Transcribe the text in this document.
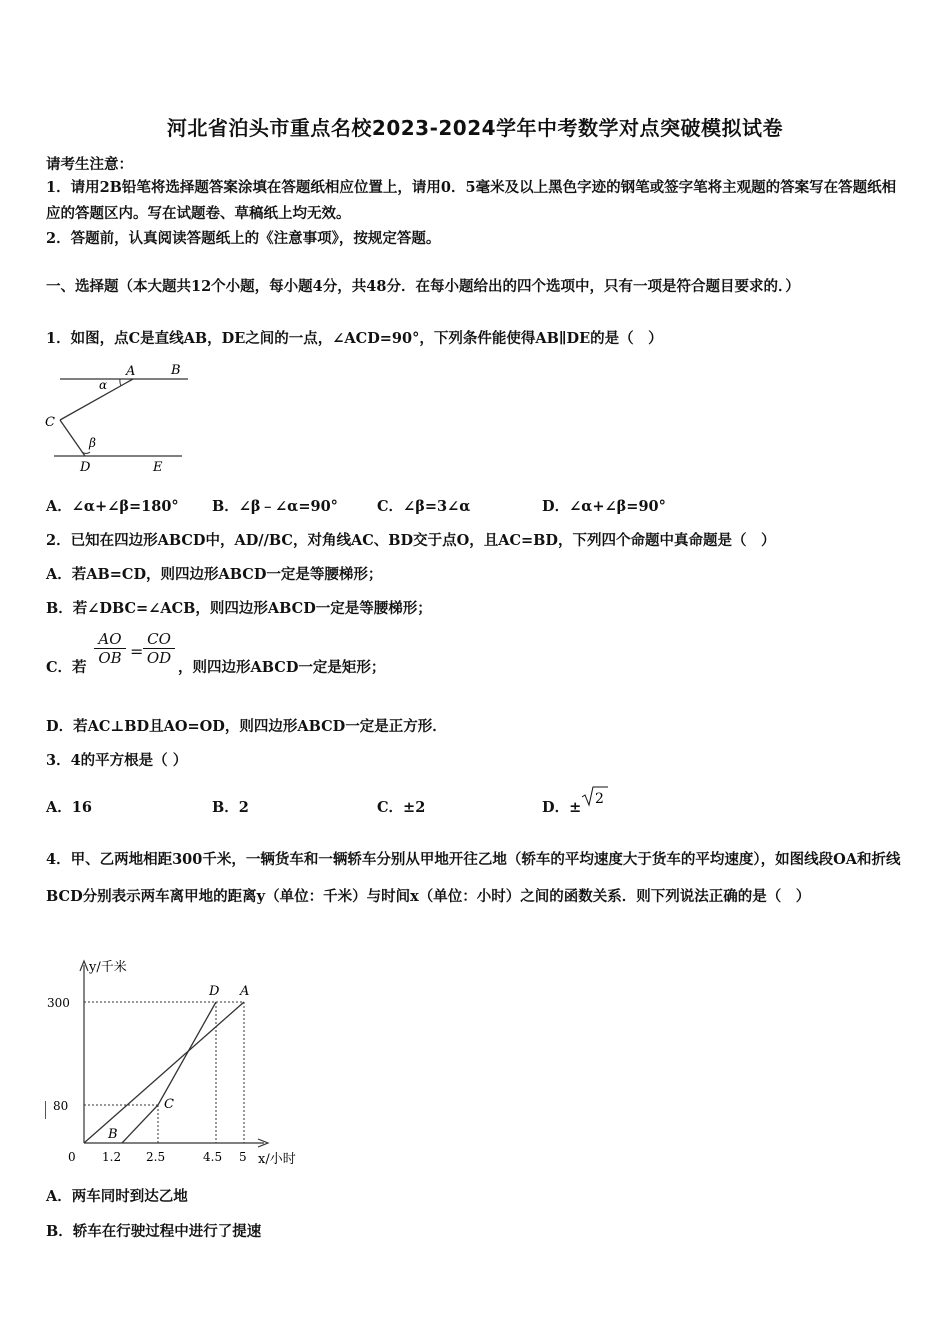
河北省泊头市重点名校2023-2024学年中考数学对点突破模拟试卷
请考生注意：
1．请用2B铅笔将选择题答案涂填在答题纸相应位置上，请用0．5毫米及以上黑色字迹的钢笔或签字笔将主观题的答案写在答题纸相应的答题区内。写在试题卷、草稿纸上均无效。
2．答题前，认真阅读答题纸上的《注意事项》，按规定答题。
一、选择题（本大题共12个小题，每小题4分，共48分．在每小题给出的四个选项中，只有一项是符合题目要求的．）
1．如图，点C是直线AB，DE之间的一点，∠ACD=90°，下列条件能使得AB∥DE的是（　）
A	B
C
D	E
α
β
A．∠α+∠β=180° B．∠β﹣∠α=90°	C．∠β=3∠α	D．∠α+∠β=90°
2．已知在四边形ABCD中，AD//BC，对角线AC、BD交于点O，且AC=BD，下列四个命题中真命题是（　）
A．若AB=CD，则四边形ABCD一定是等腰梯形；
B．若∠DBC=∠ACB，则四边形ABCD一定是等腰梯形；
C．若
$\frac{AO}{OB} = \frac{CO}{OD}$
，则四边形ABCD一定是矩形；
D．若AC⊥BD且AO=OD，则四边形ABCD一定是正方形．
3．4的平方根是（ ）
A．16	B．2	C．±2	D．± 2
4．甲、乙两地相距300千米，一辆货车和一辆轿车分别从甲地开往乙地（轿车的平均速度大于货车的平均速度），如图线段OA和折线BCD分别表示两车离甲地的距离y（单位：千米）与时间x（单位：小时）之间的函数关系．则下列说法正确的是（　）
y/千米
x/小时
300
80
0 1.2 2.5	4.5 5
A
B
C
D
A．两车同时到达乙地
B．轿车在行驶过程中进行了提速
